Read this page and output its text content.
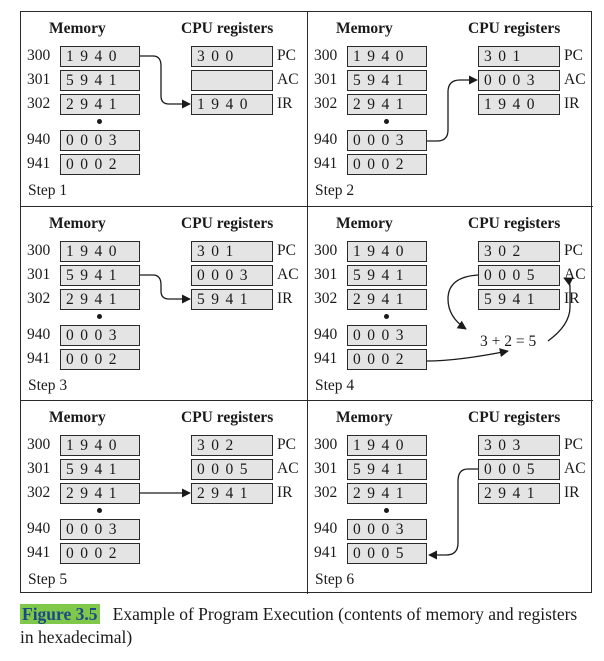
Memory	CPU registers
300	1940
301	5941
302	2941
940	0003
941	0002
300	PC
AC
1940	IR
Step 1
Memory	CPU registers
300	1940
301	5941
302	2941
940	0003
941	0002
301	PC
0003	AC
1940	IR
Step 2
Memory	CPU registers
300	1940
301	5941
302	2941
940	0003
941	0002
301	PC
0003	AC
5941	IR
Step 3
Memory	CPU registers
300	1940
301	5941
302	2941
940	0003
941	0002
302	PC
0005	AC
5941	IR
Step 4
3 + 2 = 5
Memory	CPU registers
300	1940
301	5941
302	2941
940	0003
941	0002
302	PC
0005	AC
2941	IR
Step 5
Memory	CPU registers
300	1940
301	5941
302	2941
940	0003
941	0005
303	PC
0005	AC
2941	IR
Step 6
Figure 3.5 Example of Program Execution (contents of memory and registers in hexadecimal)
